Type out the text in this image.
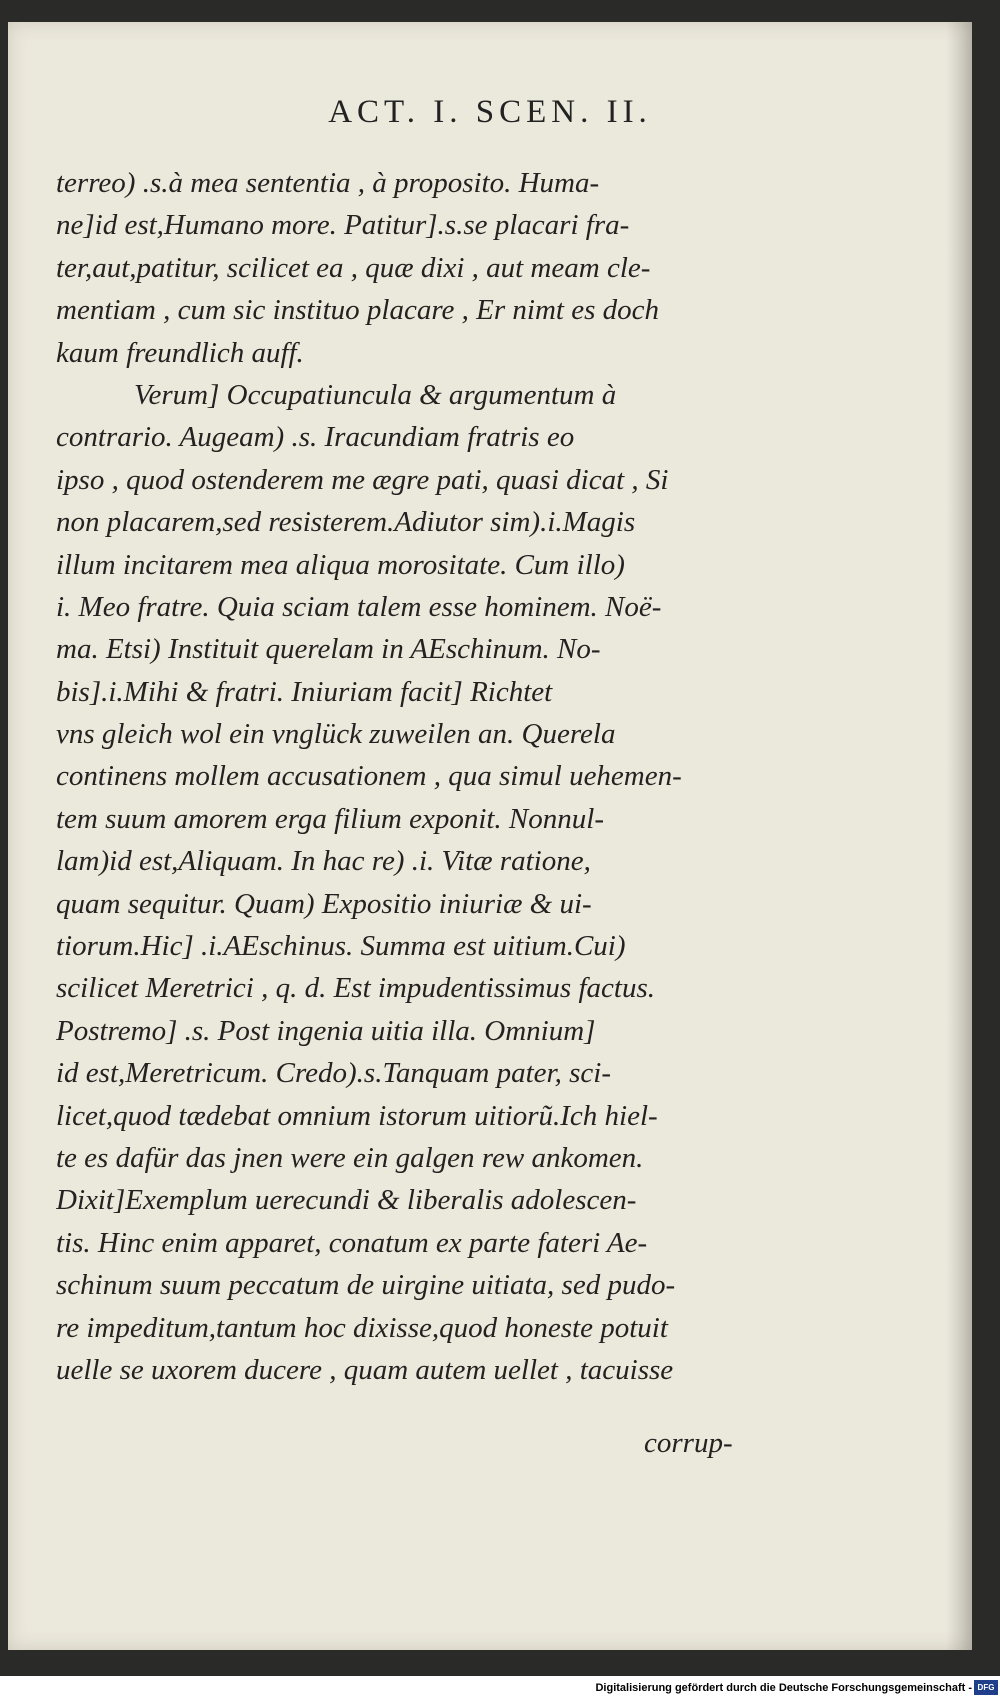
ACT. I. SCEN. II.
terreo) .s.à mea sententia , à proposito. Huma-
ne]id est,Humano more. Patitur].s.se placari fra-
ter,aut,patitur, scilicet ea , quæ dixi , aut meam cle-
mentiam , cum sic instituo placare , Er nimt es doch
kaum freundlich auff.
Verum] Occupatiuncula & argumentum à
contrario. Augeam) .s. Iracundiam fratris eo
ipso , quod ostenderem me ægre pati, quasi dicat , Si
non placarem,sed resisterem.Adiutor sim).i.Magis
illum incitarem mea aliqua morositate. Cum illo)
i. Meo fratre. Quia sciam talem esse hominem. Noë-
ma. Etsi) Instituit querelam in AEschinum. No-
bis].i.Mihi & fratri. Iniuriam facit] Richtet
vns gleich wol ein vnglück zuweilen an. Querela
continens mollem accusationem , qua simul uehemen-
tem suum amorem erga filium exponit. Nonnul-
lam)id est,Aliquam. In hac re) .i. Vitæ ratione,
quam sequitur. Quam) Expositio iniuriæ & ui-
tiorum.Hic] .i.AEschinus. Summa est uitium.Cui)
scilicet Meretrici , q. d. Est impudentissimus factus.
Postremo] .s. Post ingenia uitia illa. Omnium]
id est,Meretricum. Credo).s.Tanquam pater, sci-
licet,quod tædebat omnium istorum uitiorũ.Ich hiel-
te es dafür das jnen were ein galgen rew ankomen.
Dixit]Exemplum uerecundi & liberalis adolescen-
tis. Hinc enim apparet, conatum ex parte fateri Ae-
schinum suum peccatum de uirgine uitiata, sed pudo-
re impeditum,tantum hoc dixisse,quod honeste potuit
uelle se uxorem ducere , quam autem uellet , tacuisse
corrup-
Digitalisierung gefördert durch die Deutsche Forschungsgemeinschaft - DFG
